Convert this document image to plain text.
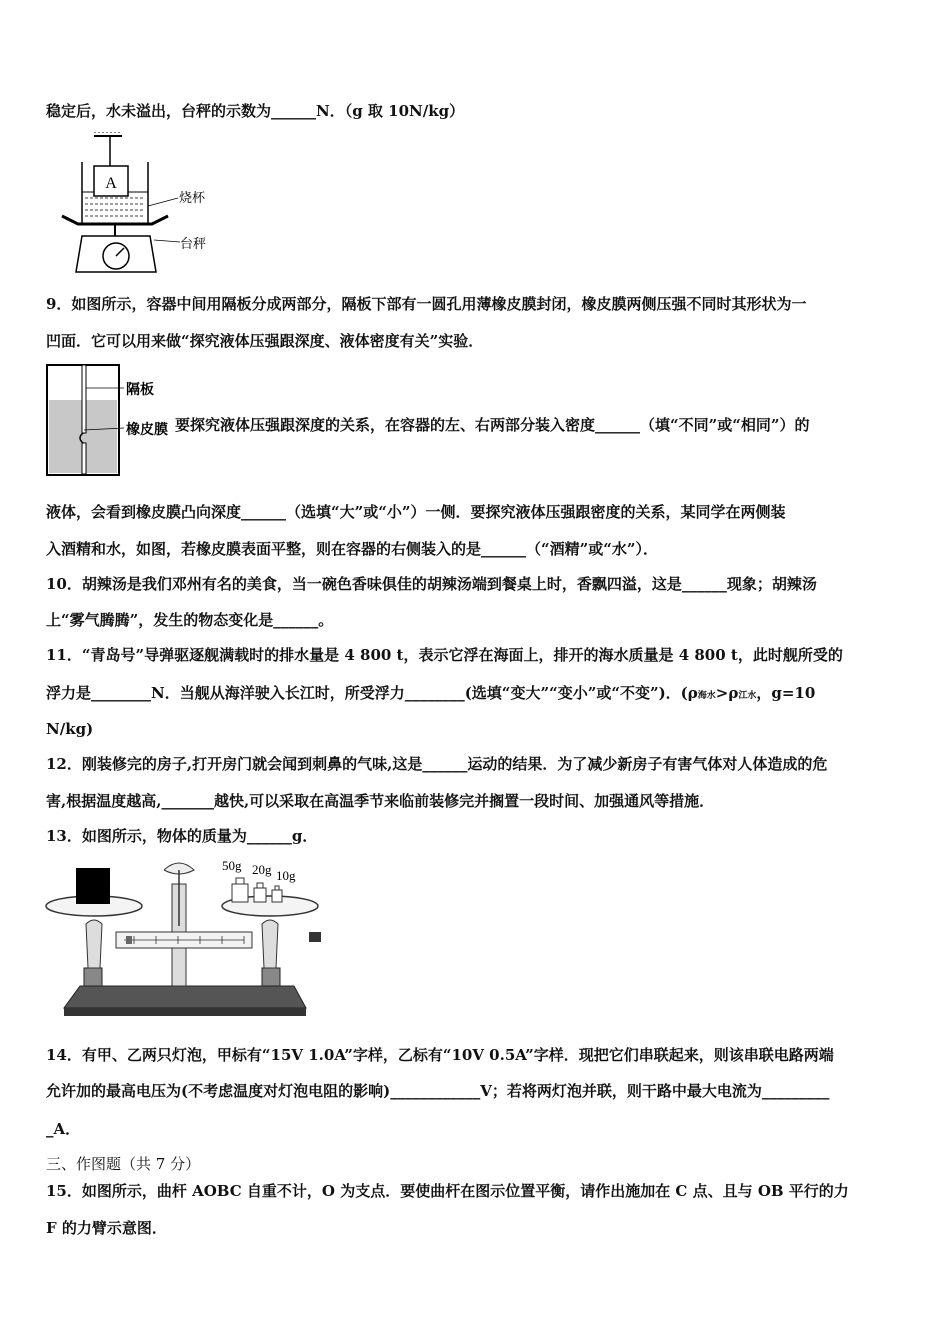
稳定后，水未溢出，台秤的示数为______N．（g 取 10N/kg）
A
烧杯
台秤
9．如图所示，容器中间用隔板分成两部分，隔板下部有一圆孔用薄橡皮膜封闭，橡皮膜两侧压强不同时其形状为一
凹面．它可以用来做“探究液体压强跟深度、液体密度有关”实验．
隔板
橡皮膜 要探究液体压强跟深度的关系，在容器的左、右两部分装入密度______（填“不同”或“相同”）的
液体，会看到橡皮膜凸向深度______（选填“大”或“小”）一侧．要探究液体压强跟密度的关系，某同学在两侧装
入酒精和水，如图，若橡皮膜表面平整，则在容器的右侧装入的是______（“酒精”或“水”）．
10．胡辣汤是我们邓州有名的美食，当一碗色香味俱佳的胡辣汤端到餐桌上时，香飘四溢，这是______现象；胡辣汤
上“雾气腾腾”，发生的物态变化是______。
11．“青岛号”导弹驱逐舰满载时的排水量是 4 800 t，表示它浮在海面上，排开的海水质量是 4 800 t，此时舰所受的
浮力是________N．当舰从海洋驶入长江时，所受浮力________(选填“变大”“变小”或“不变”)．(ρ海水>ρ江水，g=10
N/kg)
12．刚装修完的房子,打开房门就会闻到刺鼻的气味,这是______运动的结果．为了减少新房子有害气体对人体造成的危
害,根据温度越高,_______越快,可以采取在高温季节来临前装修完并搁置一段时间、加强通风等措施．
13．如图所示，物体的质量为______g．
50g 20g 10g
14．有甲、乙两只灯泡，甲标有“15V 1.0A”字样，乙标有“10V 0.5A”字样．现把它们串联起来，则该串联电路两端
允许加的最高电压为(不考虑温度对灯泡电阻的影响)____________V；若将两灯泡并联，则干路中最大电流为_________
_A．
三、作图题（共 7 分）
15．如图所示，曲杆 AOBC 自重不计，O 为支点．要使曲杆在图示位置平衡，请作出施加在 C 点、且与 OB 平行的力
F 的力臂示意图．
